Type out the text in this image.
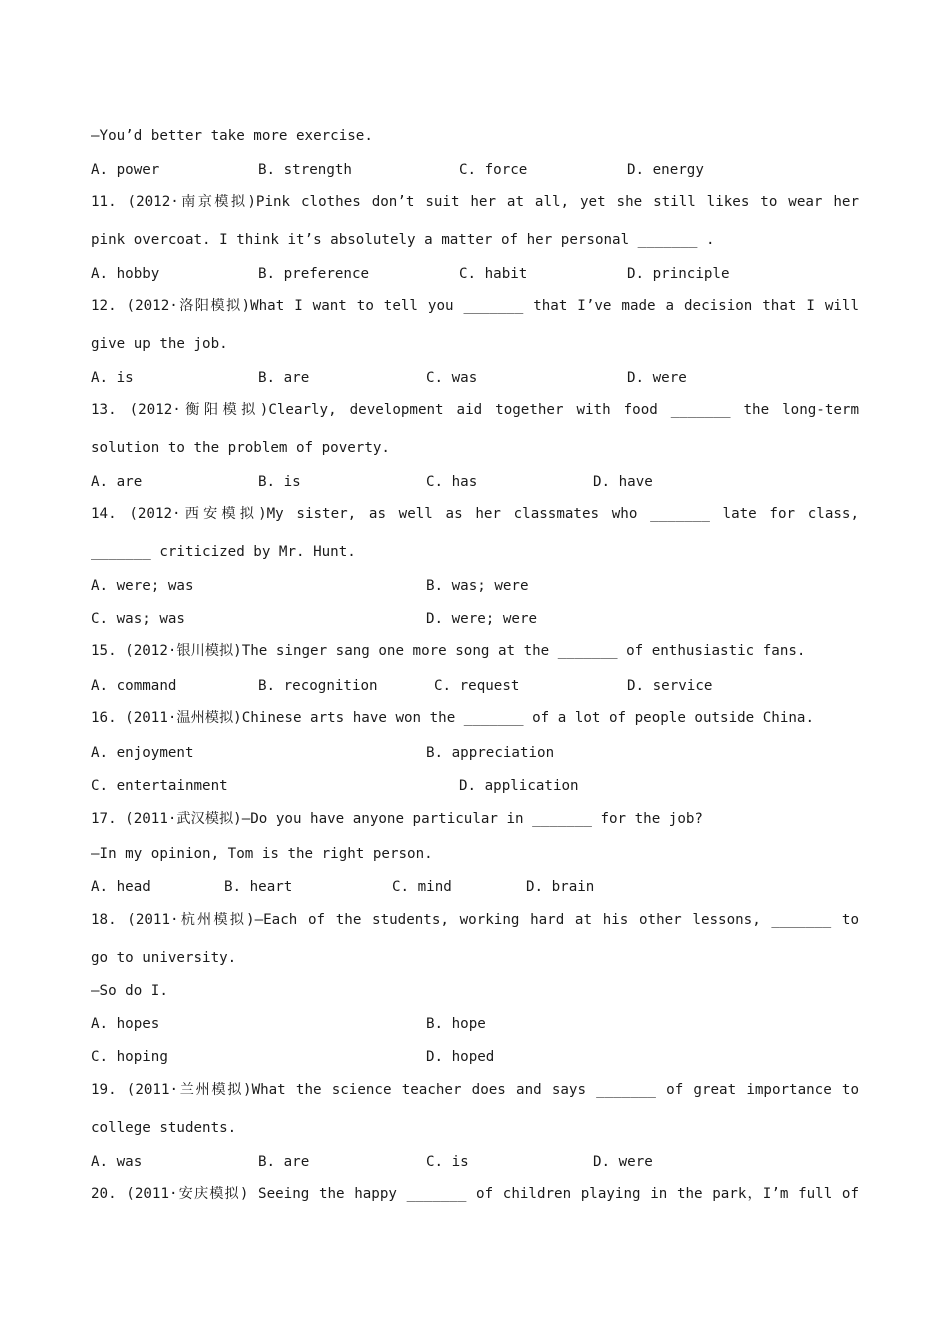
—You’d better take more exercise.
A. power	B. strength	C. force	D. energy
11. (2012·南京模拟)Pink clothes don’t suit her at all, yet she still likes to wear her
pink overcoat. I think it’s absolutely a matter of her personal _______ .
A. hobby	B. preference	C. habit	D. principle
12. (2012·洛阳模拟)What I want to tell you _______ that I’ve made a decision that I will
give up the job.
A. is	B. are	C. was	D. were
13. (2012·衡阳模拟)Clearly, development aid together with food _______ the long-term
solution to the problem of poverty.
A. are	B. is	C. has	D. have
14. (2012·西安模拟)My sister, as well as her classmates who _______ late for class,
_______ criticized by Mr. Hunt.
A. were; was	B. was; were
C. was; was	D. were; were
15. (2012·银川模拟)The singer sang one more song at the _______ of enthusiastic fans.
A. command	B. recognition	C. request	D. service
16. (2011·温州模拟)Chinese arts have won the _______ of a lot of people outside China.
A. enjoyment	B. appreciation
C. entertainment	D. application
17. (2011·武汉模拟)—Do you have anyone particular in _______ for the job?
—In my opinion, Tom is the right person.
A. head	B. heart	C. mind	D. brain
18. (2011·杭州模拟)—Each of the students, working hard at his other lessons, _______ to
go to university.
—So do I.
A. hopes	B. hope
C. hoping	D. hoped
19. (2011·兰州模拟)What the science teacher does and says _______ of great importance to
college students.
A. was	B. are	C. is	D. were
20. (2011·安庆模拟) Seeing the happy _______ of children playing in the park，I’m full of
